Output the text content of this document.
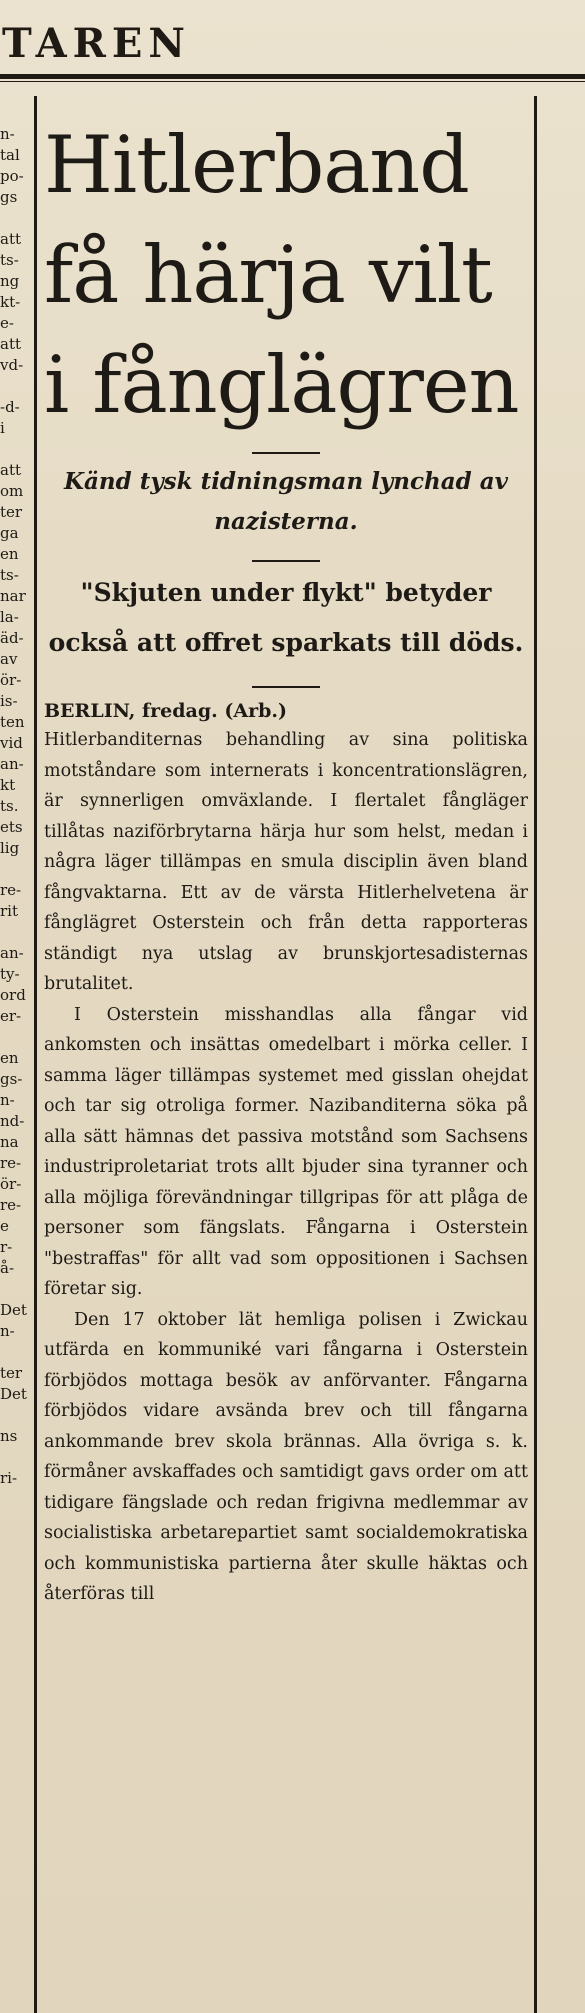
TAREN
n-
tal
po-
gs

att
ts-
ng
kt-
e-
att
vd-

-d-
i

att
om
ter
ga
en
ts-
nar
la-
äd-
av
ör-
is-
ten
vid
an-
kt
ts.
ets
lig

re-
rit

an-
ty-
ord
er-

en
gs-
n-
nd-
na
re-
ör-
re-
e
r-
å-

Det
n-

ter
Det

ns

ri-
Hitlerband
få härja vilt
i fånglägren
Känd tysk tidningsman lynchad av nazisterna.
"Skjuten under flykt" betyder också att offret sparkats till döds.
BERLIN, fredag. (Arb.)

Hitlerbanditernas behandling av sina politiska motståndare som internerats i koncentrationslägren, är synnerligen omväxlande. I flertalet fångläger tillåtas naziförbrytarna härja hur som helst, medan i några läger tillämpas en smula disciplin även bland fångvaktarna. Ett av de värsta Hitlerhelvetena är fånglägret Osterstein och från detta rapporteras ständigt nya utslag av brunskjortesadisternas brutalitet.

I Osterstein misshandlas alla fångar vid ankomsten och insättas omedelbart i mörka celler. I samma läger tillämpas systemet med gisslan ohejdat och tar sig otroliga former. Nazibanditerna söka på alla sätt hämnas det passiva motstånd som Sachsens industriproletariat trots allt bjuder sina tyranner och alla möjliga förevändningar tillgripas för att plåga de personer som fängslats. Fångarna i Osterstein "bestraffas" för allt vad som oppositionen i Sachsen företar sig.

Den 17 oktober lät hemliga polisen i Zwickau utfärda en kommuniké vari fångarna i Osterstein förbjödos mottaga besök av anförvanter. Fångarna förbjödos vidare avsända brev och till fångarna ankommande brev skola brännas. Alla övriga s. k. förmåner avskaffades och samtidigt gavs order om att tidigare fängslade och redan frigivna medlemmar av socialistiska arbetarepartiet samt socialdemokratiska och kommunistiska partierna åter skulle häktas och återföras till
